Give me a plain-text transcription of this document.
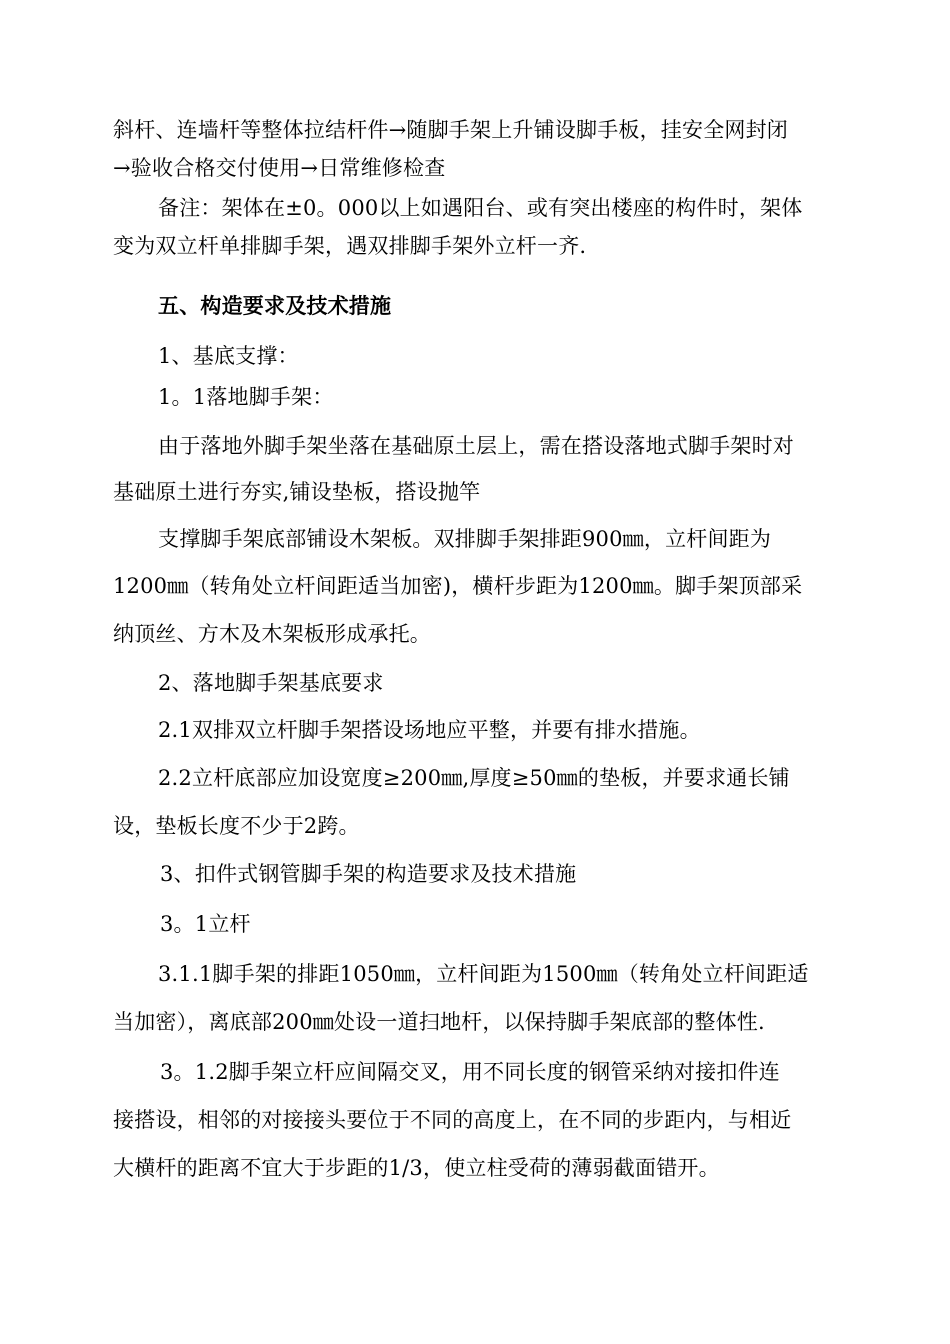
斜杆、连墙杆等整体拉结杆件→随脚手架上升铺设脚手板，挂安全网封闭
→验收合格交付使用→日常维修检查
备注：架体在±0。000以上如遇阳台、或有突出楼座的构件时，架体
变为双立杆单排脚手架，遇双排脚手架外立杆一齐.
五、构造要求及技术措施
1、基底支撑：
1。1落地脚手架：
由于落地外脚手架坐落在基础原土层上，需在搭设落地式脚手架时对
基础原土进行夯实,铺设垫板，搭设抛竿
支撑脚手架底部铺设木架板。双排脚手架排距900㎜，立杆间距为
1200㎜（转角处立杆间距适当加密)，横杆步距为1200㎜。脚手架顶部采
纳顶丝、方木及木架板形成承托。
2、落地脚手架基底要求
2.1双排双立杆脚手架搭设场地应平整，并要有排水措施。
2.2立杆底部应加设宽度≥200㎜,厚度≥50㎜的垫板，并要求通长铺
设，垫板长度不少于2跨。
3、扣件式钢管脚手架的构造要求及技术措施
3。1立杆
3.1.1脚手架的排距1050㎜，立杆间距为1500㎜（转角处立杆间距适
当加密），离底部200㎜处设一道扫地杆，以保持脚手架底部的整体性.
3。1.2脚手架立杆应间隔交叉，用不同长度的钢管采纳对接扣件连
接搭设，相邻的对接接头要位于不同的高度上，在不同的步距内，与相近
大横杆的距离不宜大于步距的1/3，使立柱受荷的薄弱截面错开。
